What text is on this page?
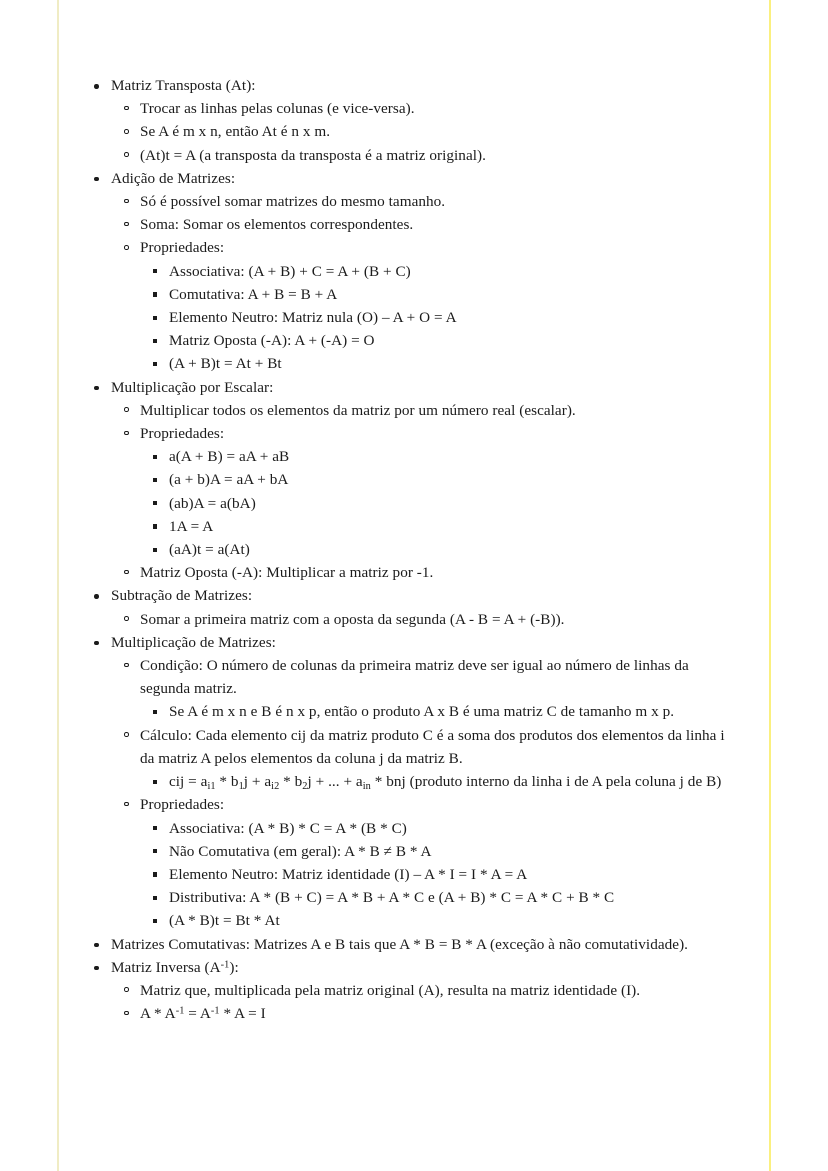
Matriz Transposta (At):
Trocar as linhas pelas colunas (e vice-versa).
Se A é m x n, então At é n x m.
(At)t = A (a transposta da transposta é a matriz original).
Adição de Matrizes:
Só é possível somar matrizes do mesmo tamanho.
Soma: Somar os elementos correspondentes.
Propriedades:
Associativa: (A + B) + C = A + (B + C)
Comutativa: A + B = B + A
Elemento Neutro: Matriz nula (O) – A + O = A
Matriz Oposta (-A): A + (-A) = O
(A + B)t = At + Bt
Multiplicação por Escalar:
Multiplicar todos os elementos da matriz por um número real (escalar).
Propriedades:
a(A + B) = aA + aB
(a + b)A = aA + bA
(ab)A = a(bA)
1A = A
(aA)t = a(At)
Matriz Oposta (-A): Multiplicar a matriz por -1.
Subtração de Matrizes:
Somar a primeira matriz com a oposta da segunda (A - B = A + (-B)).
Multiplicação de Matrizes:
Condição: O número de colunas da primeira matriz deve ser igual ao número de linhas da segunda matriz.
Se A é m x n e B é n x p, então o produto A x B é uma matriz C de tamanho m x p.
Cálculo: Cada elemento cij da matriz produto C é a soma dos produtos dos elementos da linha i da matriz A pelos elementos da coluna j da matriz B.
cij = $a_{i1} * b_1j + a_{i2} * b_2j$ + ... + $a_{in}$ * bnj (produto interno da linha i de A pela coluna j de B)
Propriedades:
Associativa: (A * B) * C = A * (B * C)
Não Comutativa (em geral): A * B ≠ B * A
Elemento Neutro: Matriz identidade (I) – A * I = I * A = A
Distributiva: A * (B + C) = A * B + A * C e (A + B) * C = A * C + B * C
(A * B)t = Bt * At
Matrizes Comutativas: Matrizes A e B tais que A * B = B * A (exceção à não comutatividade).
Matriz Inversa $(A^{-1})$:
Matriz que, multiplicada pela matriz original (A), resulta na matriz identidade (I).
$A * A^{-1} = A^{-1} * A = I$
